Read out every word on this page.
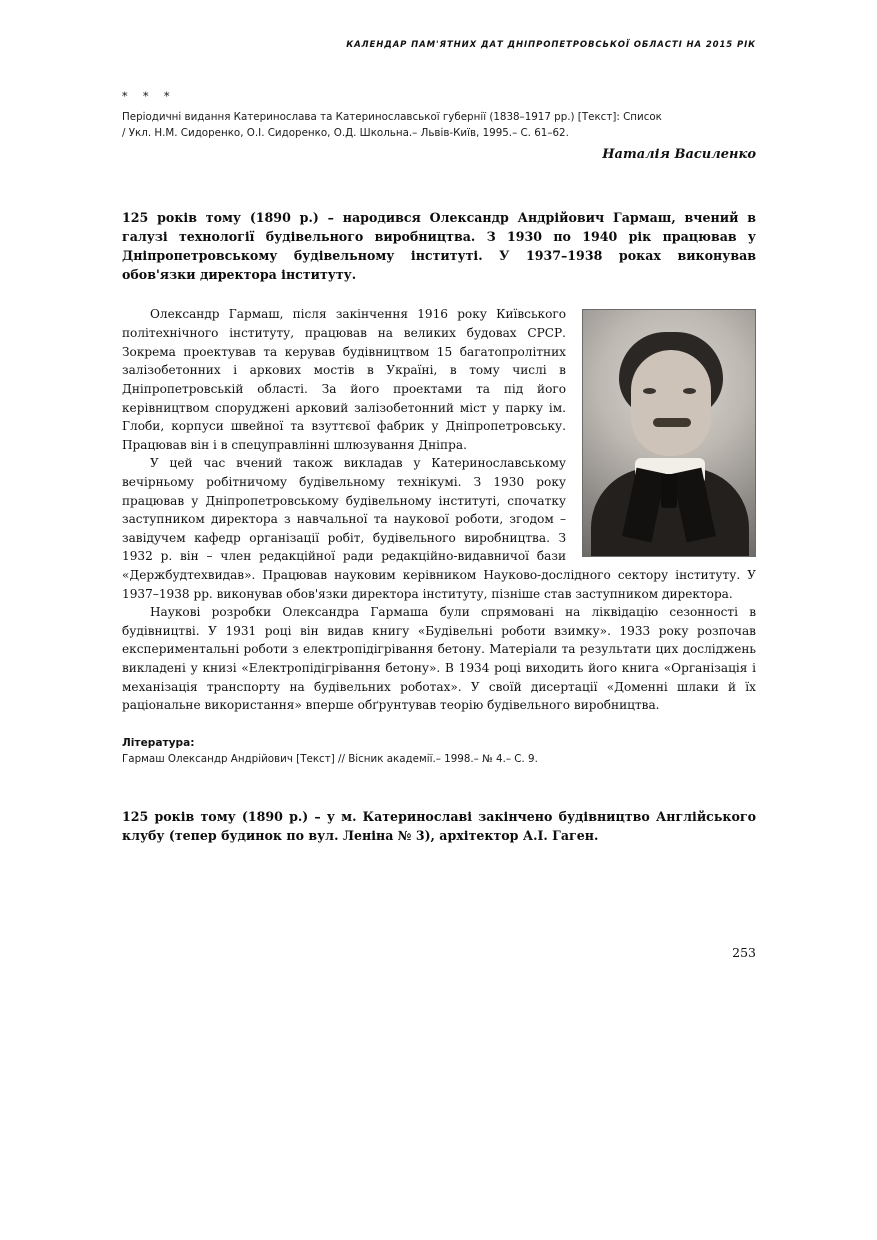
КАЛЕНДАР ПАМ'ЯТНИХ ДАТ ДНІПРОПЕТРОВСЬКОЇ ОБЛАСТІ НА 2015 РІК
* * *
Періодичні видання Катеринослава та Катеринославської губернії (1838–1917 рр.) [Текст]: Список
/ Укл. Н.М. Сидоренко, О.І. Сидоренко, О.Д. Школьна.– Львів-Київ, 1995.– С. 61–62.
Наталія Василенко
125 років тому (1890 р.) – народився Олександр Андрійович Гармаш, вчений в галузі технології будівельного виробництва. З 1930 по 1940 рік працював у Дніпропетровському будівельному інституті. У 1937–1938 роках виконував обов'язки директора інституту.

Олександр Гармаш, після закінчення 1916 року Київського політехнічного інституту, працював на великих будовах СРСР. Зокрема проектував та керував будівництвом 15 багатопролітних залізобетонних і аркових мостів в Україні, в тому числі в Дніпропетровській області. За його проектами та під його керівництвом споруджені арковий залізобетонний міст у парку ім. Глоби, корпуси швейної та взуттєвої фабрик у Дніпропетровську. Працював він і в спецуправлінні шлюзування Дніпра.

У цей час вчений також викладав у Катеринославському вечірньому робітничому будівельному технікумі. З 1930 року працював у Дніпропетровському будівельному інституті, спочатку заступником директора з навчальної та наукової роботи, згодом – завідучем кафедр організації робіт, будівельного виробництва. З 1932 р. він – член редакційної ради редакційно-видавничої бази «Держбудтехвидав». Працював науковим керівником Науково-дослідного сектору інституту. У 1937–1938 рр. виконував обов'язки директора інституту, пізніше став заступником директора.

Наукові розробки Олександра Гармаша були спрямовані на ліквідацію сезонності в будівництві. У 1931 році він видав книгу «Будівельні роботи взимку». 1933 року розпочав експериментальні роботи з електропідігрівання бетону. Матеріали та результати цих досліджень викладені у книзі «Електропідігрівання бетону». В 1934 році виходить його книга «Організація і механізація транспорту на будівельних роботах». У своїй дисертації «Доменні шлаки й їх раціональне використання» вперше обґрунтував теорію будівельного виробництва.

Література:
Гармаш Олександр Андрійович [Текст] // Вісник академії.– 1998.– № 4.– С. 9.
125 років тому (1890 р.) – у м. Катеринославі закінчено будівництво Англійського клубу (тепер будинок по вул. Леніна № 3), архітектор А.І. Гаген.
253
